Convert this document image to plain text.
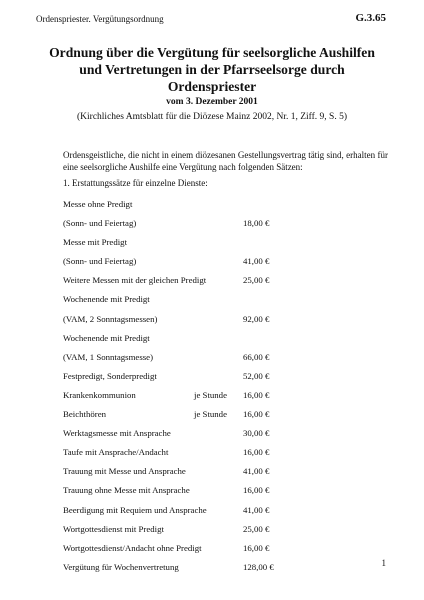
Ordenspriester. Vergütungsordnung	G.3.65
Ordnung über die Vergütung für seelsorgliche Aushilfen und Vertretungen in der Pfarrseelsorge durch Ordenspriester
vom 3. Dezember 2001
(Kirchliches Amtsblatt für die Diözese Mainz 2002, Nr. 1, Ziff. 9, S. 5)

Ordensgeistliche, die nicht in einem diözesanen Gestellungsvertrag tätig sind, erhalten für eine seelsorgliche Aushilfe eine Vergütung nach folgenden Sätzen:

1. Erstattungssätze für einzelne Dienste:
Messe ohne Predigt
(Sonn- und Feiertag)	18,00 €
Messe mit Predigt
(Sonn- und Feiertag)	41,00 €
Weitere Messen mit der gleichen Predigt	25,00 €
Wochenende mit Predigt
(VAM, 2 Sonntagsmessen)	92,00 €
Wochenende mit Predigt
(VAM, 1 Sonntagsmesse)	66,00 €
Festpredigt, Sonderpredigt	52,00 €
Krankenkommunion	je Stunde 16,00 €
Beichthören	je Stunde 16,00 €
Werktagsmesse mit Ansprache	30,00 €
Taufe mit Ansprache/Andacht	16,00 €
Trauung mit Messe und Ansprache	41,00 €
Trauung ohne Messe mit Ansprache	16,00 €
Beerdigung mit Requiem und Ansprache	41,00 €
Wortgottesdienst mit Predigt	25,00 €
Wortgottesdienst/Andacht ohne Predigt	16,00 €
Vergütung für Wochenvertretung	128,00 €	1
